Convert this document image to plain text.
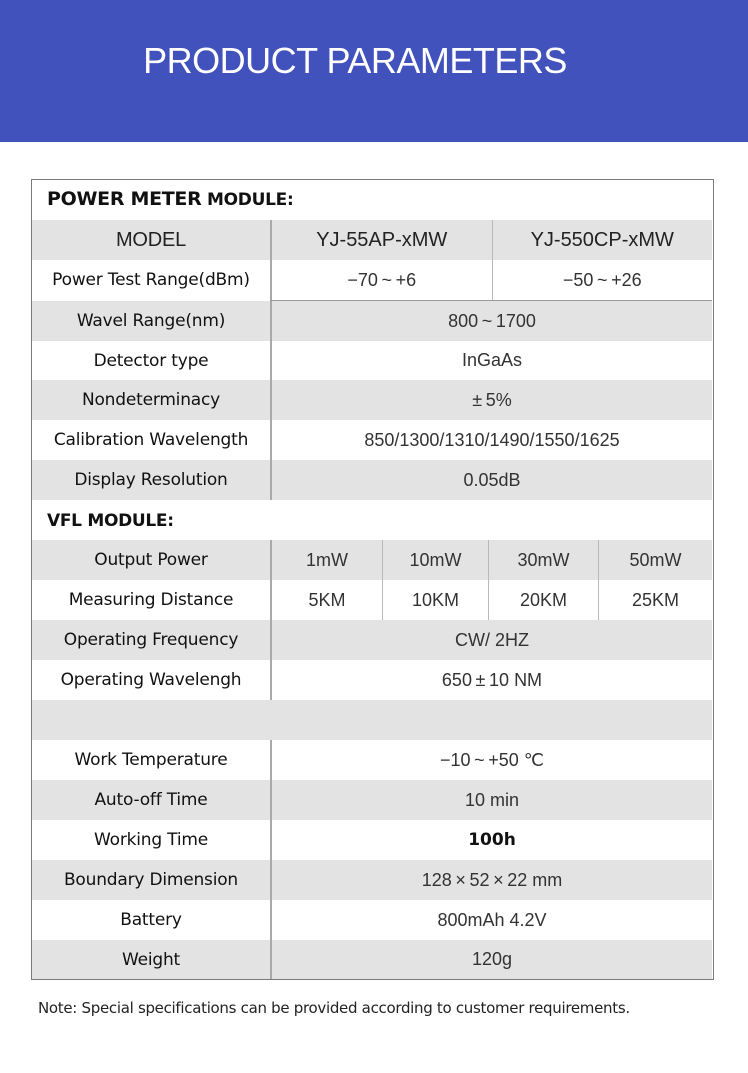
PRODUCT PARAMETERS
POWER METER MODULE:
MODEL	YJ-55AP-xMW	YJ-550CP-xMW
Power Test Range(dBm)	−70 ~ +6	−50 ~ +26
Wavel Range(nm)	800 ~ 1700
Detector type	InGaAs
Nondeterminacy	± 5%
Calibration Wavelength	850/1300/1310/1490/1550/1625
Display Resolution	0.05dB
VFL MODULE:
Output Power	1mW	10mW	30mW	50mW
Measuring Distance	5KM	10KM	20KM	25KM
Operating Frequency	CW/ 2HZ
Operating Wavelengh	650 ± 10 NM
Work Temperature	−10 ~ +50 ℃
Auto-off Time	10 min
Working Time	100h
Boundary Dimension	128 × 52 × 22 mm
Battery	800mAh 4.2V
Weight	120g
Note: Special specifications can be provided according to customer requirements.
